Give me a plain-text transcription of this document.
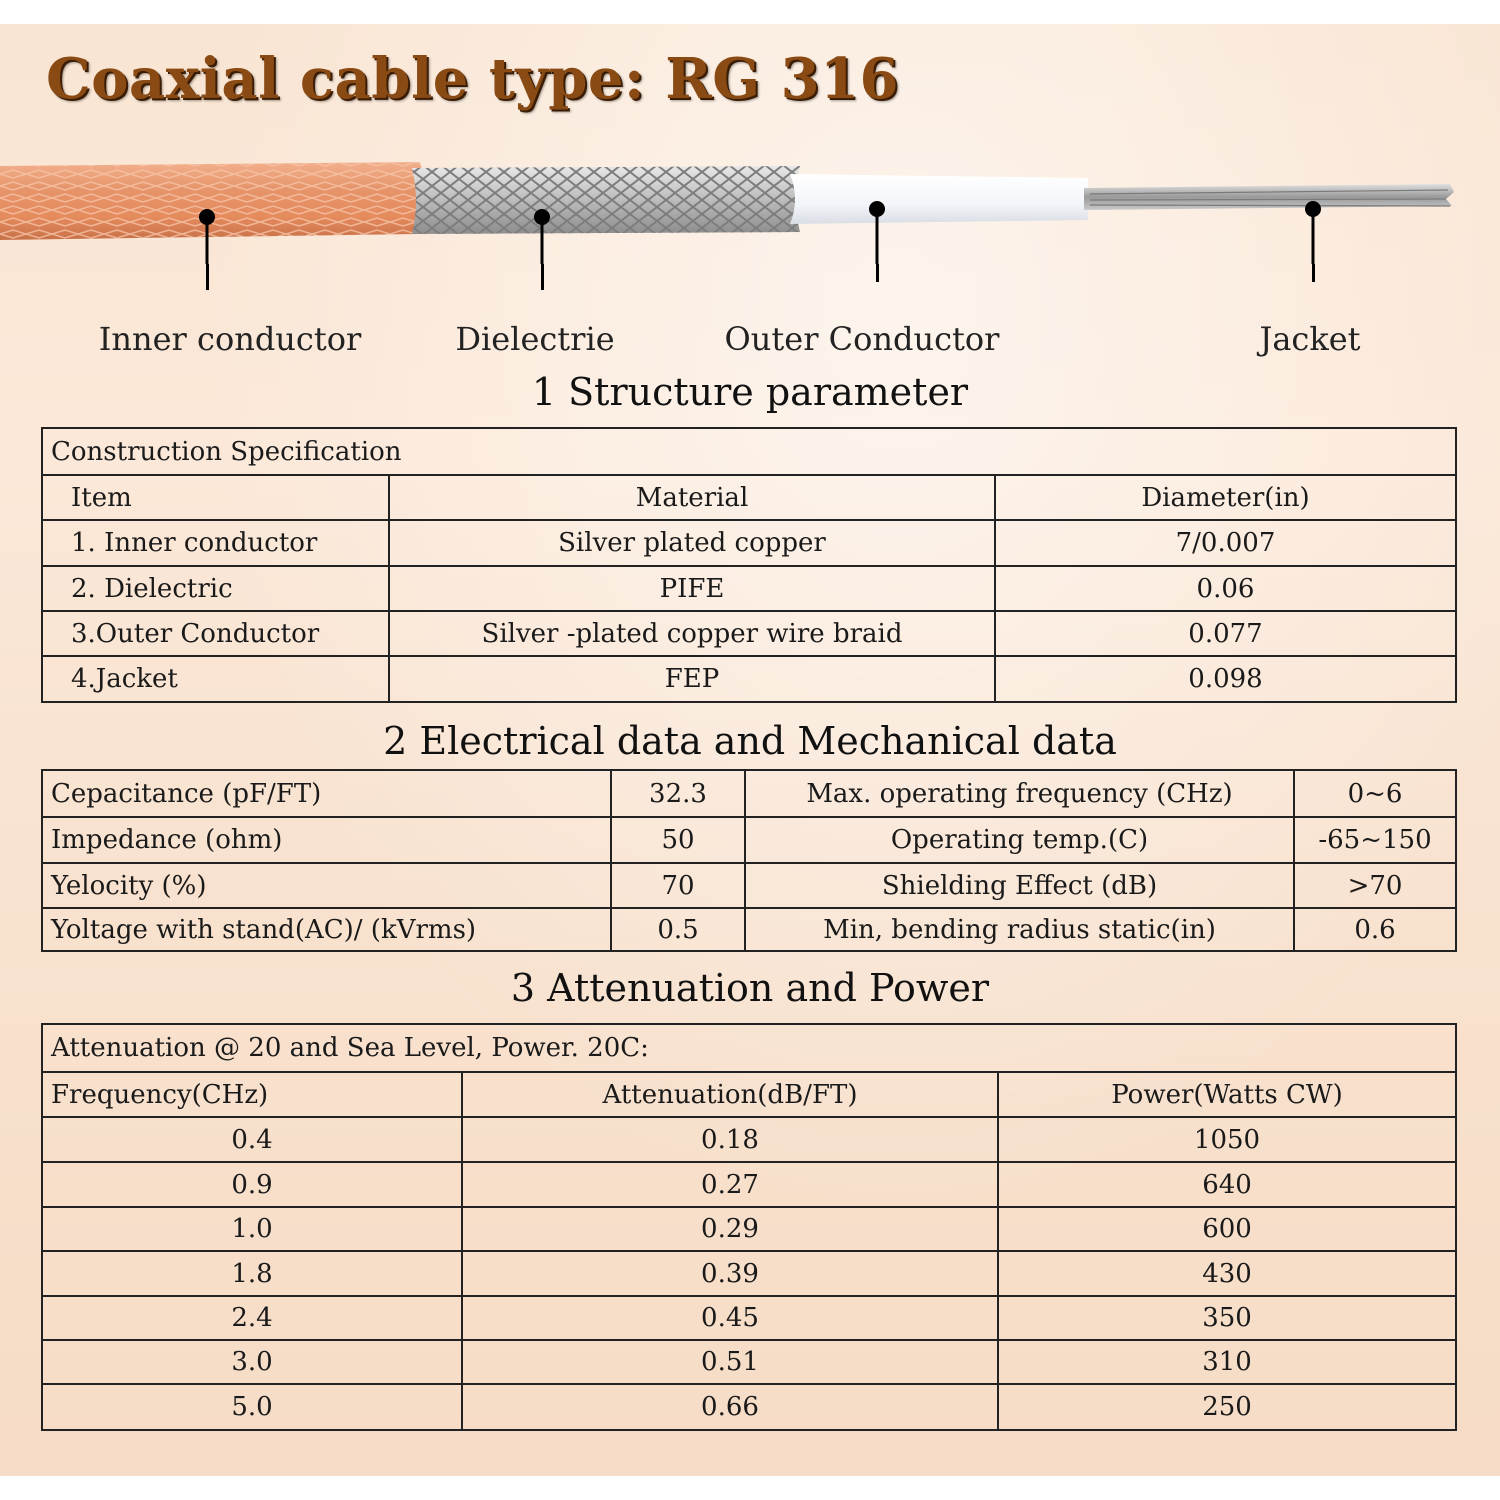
Coaxial cable type: RG 316
Inner conductor	Dielectrie	Outer Conductor	Jacket
1 Structure parameter
Construction Specification		
Item	Material	Diameter(in)
1. Inner conductor	Silver plated copper	7/0.007
2. Dielectric	PIFE	0.06
3.Outer Conductor	Silver -plated copper wire braid	0.077
4.Jacket	FEP	0.098
2 Electrical data and Mechanical data
Cepacitance (pF/FT)	32.3	Max. operating frequency (CHz)	0~6
Impedance (ohm)	50	Operating temp.(C)	-65~150
Yelocity (%)	70	Shielding Effect (dB)	>70
Yoltage with stand(AC)/ (kVrms)	0.5	Min, bending radius static(in)	0.6
3 Attenuation and Power
Attenuation @ 20 and Sea Level, Power. 20C:		
Frequency(CHz)	Attenuation(dB/FT)	Power(Watts CW)
0.4	0.18	1050
0.9	0.27	640
1.0	0.29	600
1.8	0.39	430
2.4	0.45	350
3.0	0.51	310
5.0	0.66	250
